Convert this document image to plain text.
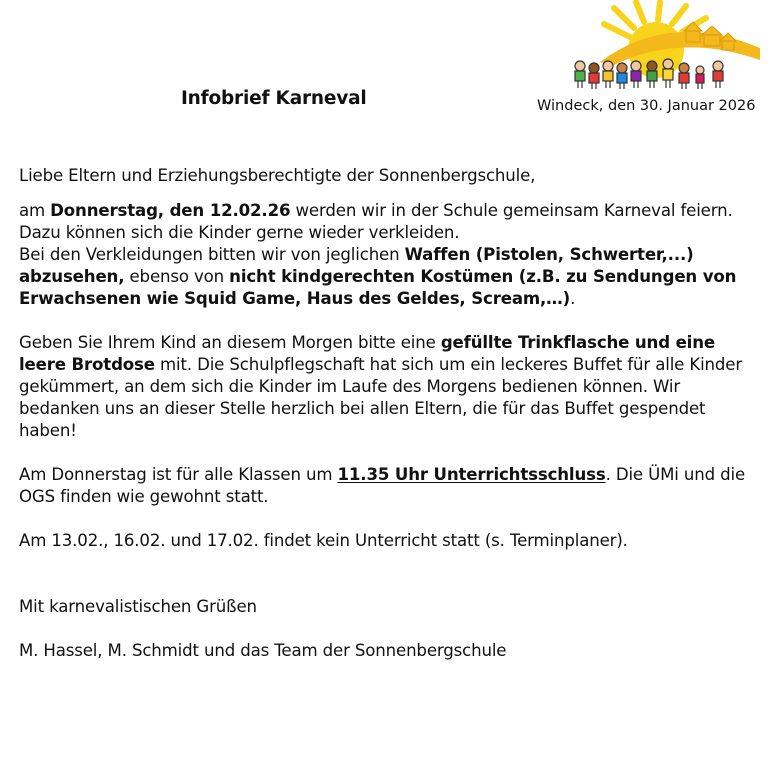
Infobrief Karneval	Windeck, den 30. Januar 2026

Liebe Eltern und Erziehungsberechtigte der Sonnenbergschule,

am Donnerstag, den 12.02.26 werden wir in der Schule gemeinsam Karneval feiern. Dazu können sich die Kinder gerne wieder verkleiden.
Bei den Verkleidungen bitten wir von jeglichen Waffen (Pistolen, Schwerter,...) abzusehen, ebenso von nicht kindgerechten Kostümen (z.B. zu Sendungen von Erwachsenen wie Squid Game, Haus des Geldes, Scream,…).

Geben Sie Ihrem Kind an diesem Morgen bitte eine gefüllte Trinkflasche und eine leere Brotdose mit. Die Schulpflegschaft hat sich um ein leckeres Buffet für alle Kinder gekümmert, an dem sich die Kinder im Laufe des Morgens bedienen können. Wir bedanken uns an dieser Stelle herzlich bei allen Eltern, die für das Buffet gespendet haben!

Am Donnerstag ist für alle Klassen um 11.35 Uhr Unterrichtsschluss. Die ÜMi und die OGS finden wie gewohnt statt.

Am 13.02., 16.02. und 17.02. findet kein Unterricht statt (s. Terminplaner).

Mit karnevalistischen Grüßen

M. Hassel, M. Schmidt und das Team der Sonnenbergschule
